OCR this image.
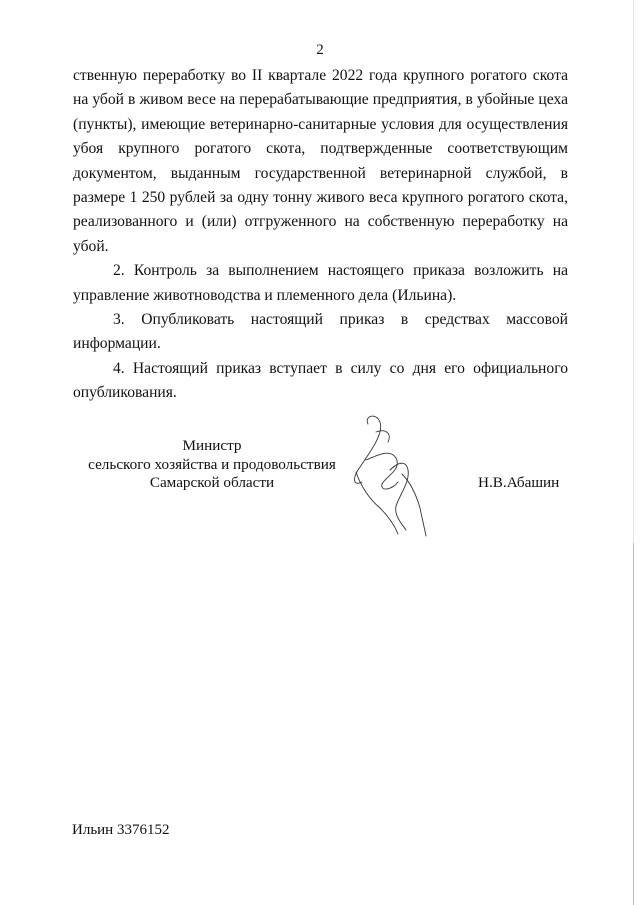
2

ственную переработку во II квартале 2022 года крупного рогатого скота на убой в живом весе на перерабатывающие предприятия, в убойные цеха (пункты), имеющие ветеринарно-санитарные условия для осуществления убоя крупного рогатого скота, подтвержденные соответствующим документом, выданным государственной ветеринарной службой, в размере 1 250 рублей за одну тонну живого веса крупного рогатого скота, реализованного и (или) отгруженного на собственную переработку на убой.

2. Контроль за выполнением настоящего приказа возложить на управление животноводства и племенного дела (Ильина).

3. Опубликовать настоящий приказ в средствах массовой информации.

4. Настоящий приказ вступает в силу со дня его официального опубликования.

Министр
сельского хозяйства и продовольствия
Самарской области	Н.В.Абашин
Ильин 3376152
